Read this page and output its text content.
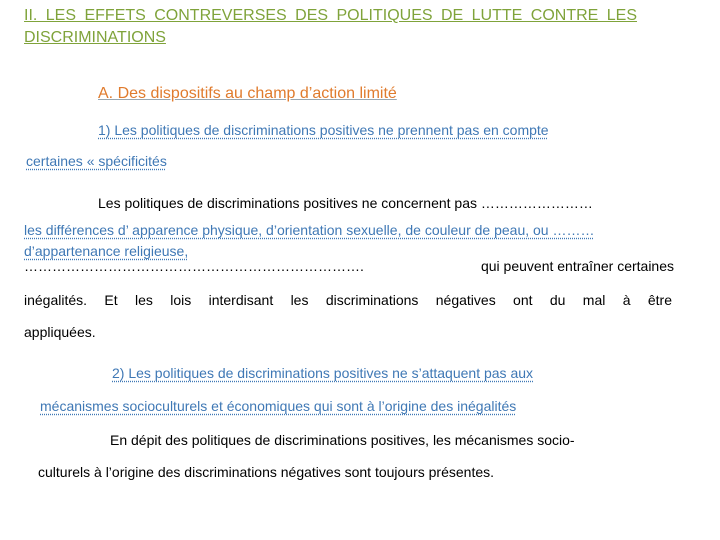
II. LES EFFETS CONTREVERSES DES POLITIQUES DE LUTTE CONTRE LES DISCRIMINATIONS
A. Des dispositifs au champ d’action limité
1) Les politiques de discriminations positives ne prennent pas en compte
certaines « spécificités
Les politiques de discriminations positives ne concernent pas ……………………
les différences d’ apparence physique, d’orientation sexuelle, de couleur de peau, ou ………
d’appartenance religieuse,
……………………………………………………………….	qui peuvent entraîner certaines
inégalités. Et les lois interdisant les discriminations négatives ont du mal à être
appliquées.
2) Les politiques de discriminations positives ne s’attaquent pas aux
mécanismes socioculturels et économiques qui sont à l’origine des inégalités
En dépit des politiques de discriminations positives, les mécanismes socio-
culturels à l’origine des discriminations négatives sont toujours présentes.
